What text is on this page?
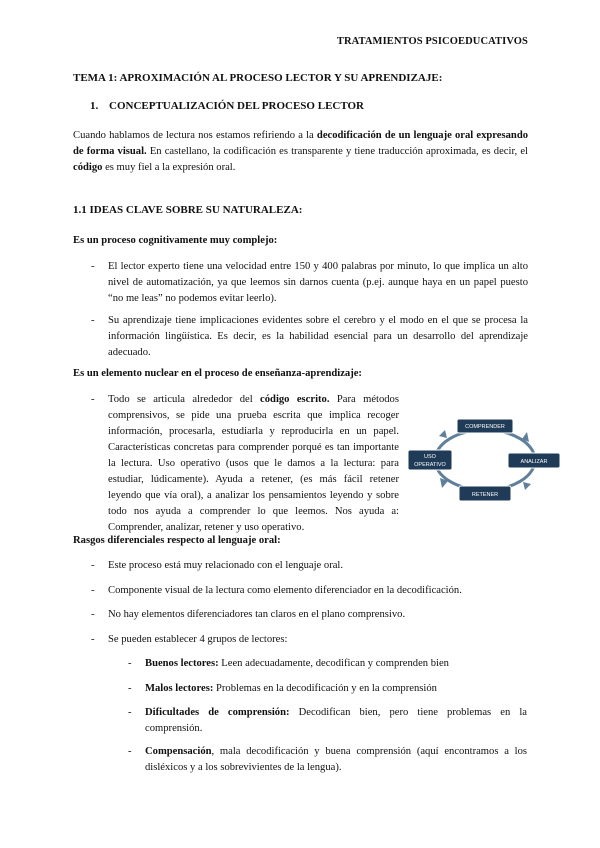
TRATAMIENTOS PSICOEDUCATIVOS
TEMA 1: APROXIMACIÓN AL PROCESO LECTOR Y SU APRENDIZAJE:
1. CONCEPTUALIZACIÓN DEL PROCESO LECTOR
Cuando hablamos de lectura nos estamos refiriendo a la decodificación de un lenguaje oral expresando de forma visual. En castellano, la codificación es transparente y tiene traducción aproximada, es decir, el código es muy fiel a la expresión oral.
1.1 IDEAS CLAVE SOBRE SU NATURALEZA:
Es un proceso cognitivamente muy complejo:
- El lector experto tiene una velocidad entre 150 y 400 palabras por minuto, lo que implica un alto nivel de automatización, ya que leemos sin darnos cuenta (p.ej. aunque haya en un papel puesto “no me leas” no podemos evitar leerlo).
- Su aprendizaje tiene implicaciones evidentes sobre el cerebro y el modo en el que se procesa la información lingüística. Es decir, es la habilidad esencial para un desarrollo del aprendizaje adecuado.
Es un elemento nuclear en el proceso de enseñanza-aprendizaje:
- Todo se articula alrededor del código escrito. Para métodos comprensivos, se pide una prueba escrita que implica recoger información, procesarla, estudiarla y reproducirla en un papel. Características concretas para comprender porqué es tan importante la lectura. Uso operativo (usos que le damos a la lectura: para estudiar, lúdicamente). Ayuda a retener, (es más fácil retener leyendo que vía oral), a analizar los pensamientos leyendo y sobre todo nos ayuda a comprender lo que leemos. Nos ayuda a: Comprender, analizar, retener y uso operativo.
COMPRENDER
ANALIZAR
RETENER
USO
OPERATIVO
Rasgos diferenciales respecto al lenguaje oral:
- Este proceso está muy relacionado con el lenguaje oral.
- Componente visual de la lectura como elemento diferenciador en la decodificación.
- No hay elementos diferenciadores tan claros en el plano comprensivo.
- Se pueden establecer 4 grupos de lectores:
- Buenos lectores: Leen adecuadamente, decodifican y comprenden bien
- Malos lectores: Problemas en la decodificación y en la comprensión
- Dificultades de comprensión: Decodifican bien, pero tiene problemas en la comprensión.
- Compensación, mala decodificación y buena comprensión (aquí encontramos a los disléxicos y a los sobrevivientes de la lengua).
